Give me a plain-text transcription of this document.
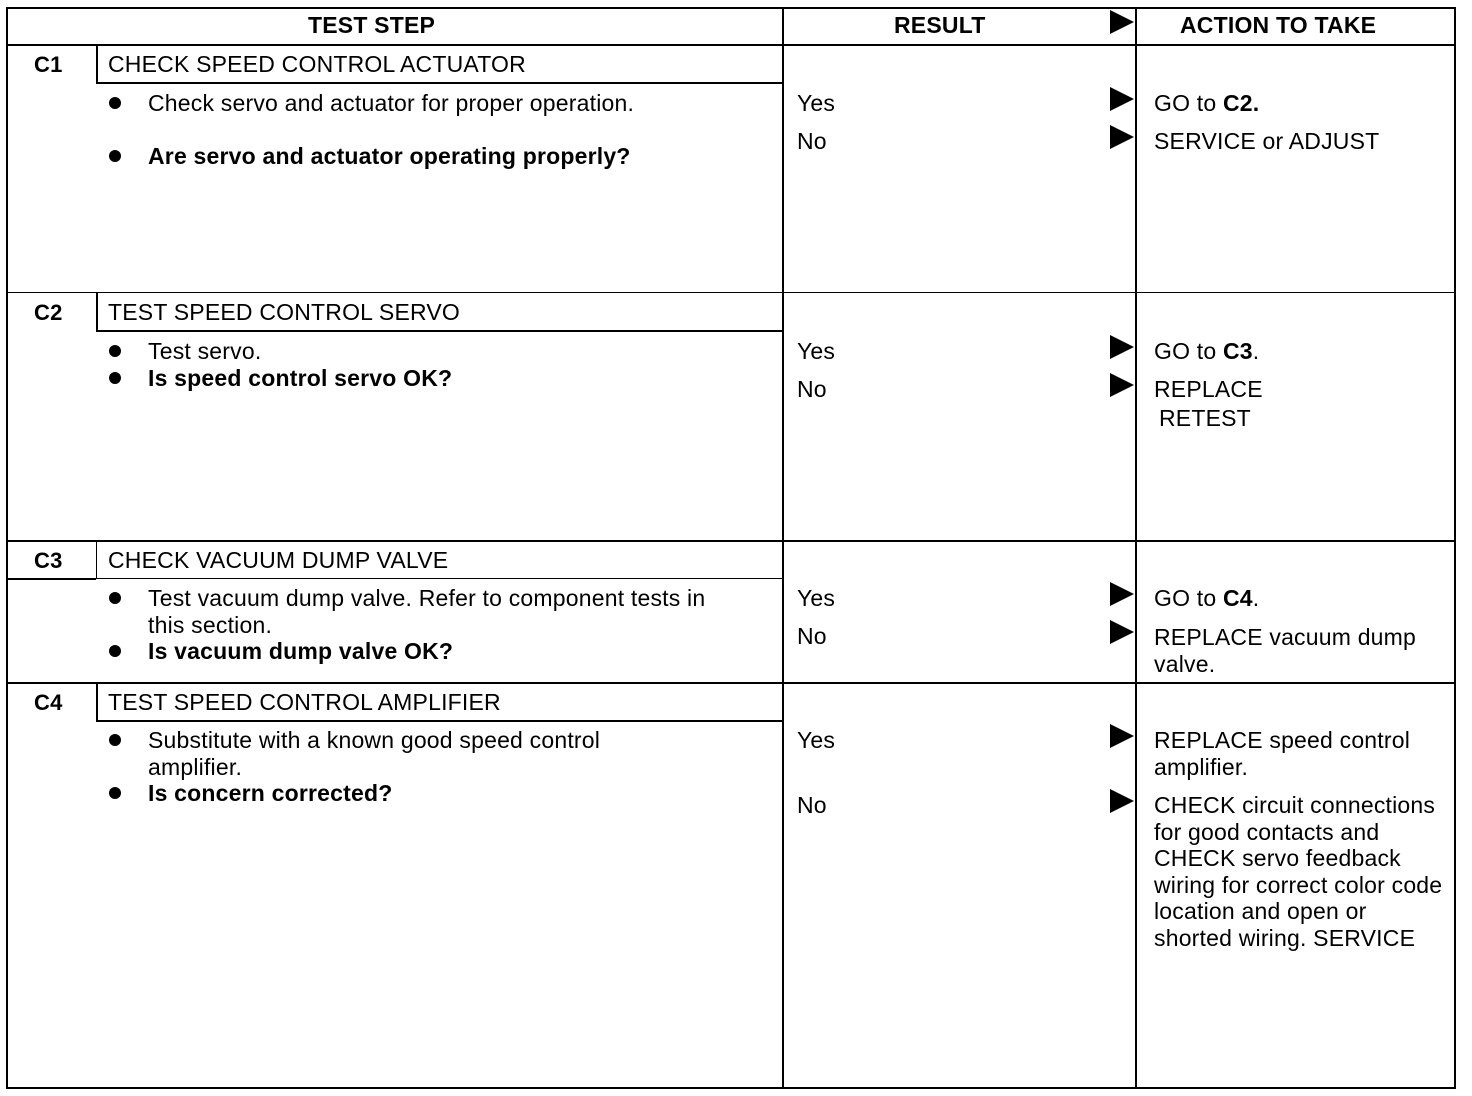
TEST STEP	RESULT	ACTION TO TAKE
C1 CHECK SPEED CONTROL ACTUATOR
Check servo and actuator for proper operation.
Are servo and actuator operating properly?
Yes
No
GO to C2.
SERVICE or ADJUST
C2 TEST SPEED CONTROL SERVO
Test servo.
Is speed control servo OK?
Yes
No
GO to C3.
REPLACE
RETEST
C3 CHECK VACUUM DUMP VALVE
Test vacuum dump valve. Refer to component tests in this section.
Is vacuum dump valve OK?
Yes
No
GO to C4.
REPLACE vacuum dump valve.
C4 TEST SPEED CONTROL AMPLIFIER
Substitute with a known good speed control amplifier.
Is concern corrected?
Yes
No
REPLACE speed control amplifier.
CHECK circuit connections for good contacts and CHECK servo feedback wiring for correct color code location and open or shorted wiring. SERVICE
